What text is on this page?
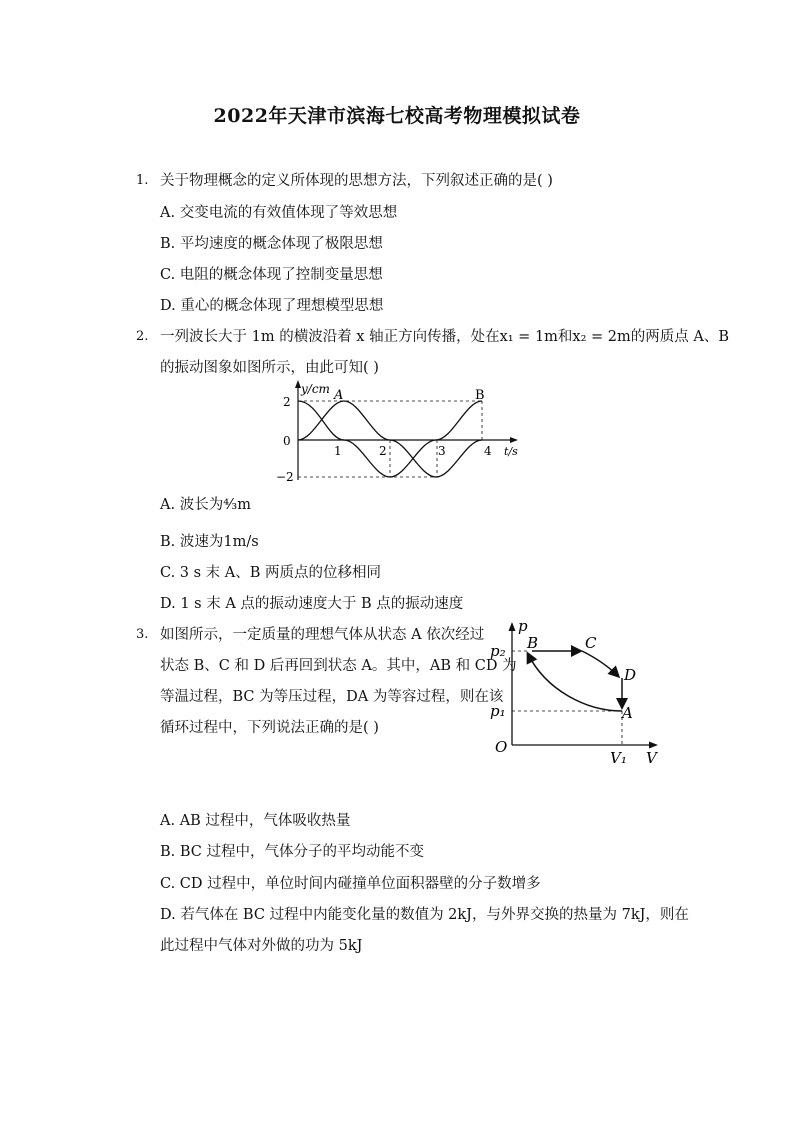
2022年天津市滨海七校高考物理模拟试卷
1. 关于物理概念的定义所体现的思想方法，下列叙述正确的是( )
A. 交变电流的有效值体现了等效思想
B. 平均速度的概念体现了极限思想
C. 电阻的概念体现了控制变量思想
D. 重心的概念体现了理想模型思想
2. 一列波长大于 1m 的横波沿着 x 轴正方向传播，处在x₁ = 1m和x₂ = 2m的两质点 A、B
的振动图象如图所示，由此可知( )
y/cm A	B
2
0
−2
1	2	3	4 t/s
A. 波长为⁴⁄₃m
B. 波速为1m/s
C. 3 s 末 A、B 两质点的位移相同
D. 1 s 末 A 点的振动速度大于 B 点的振动速度
3. 如图所示，一定质量的理想气体从状态 A 依次经过
状态 B、C 和 D 后再回到状态 A。其中，AB 和 CD 为
等温过程，BC 为等压过程，DA 为等容过程，则在该
循环过程中，下列说法正确的是( )
p
V
O
p₂
p₁
V₁
A
B	C
D
A. AB 过程中，气体吸收热量
B. BC 过程中，气体分子的平均动能不变
C. CD 过程中，单位时间内碰撞单位面积器壁的分子数增多
D. 若气体在 BC 过程中内能变化量的数值为 2kJ，与外界交换的热量为 7kJ，则在
此过程中气体对外做的功为 5kJ
